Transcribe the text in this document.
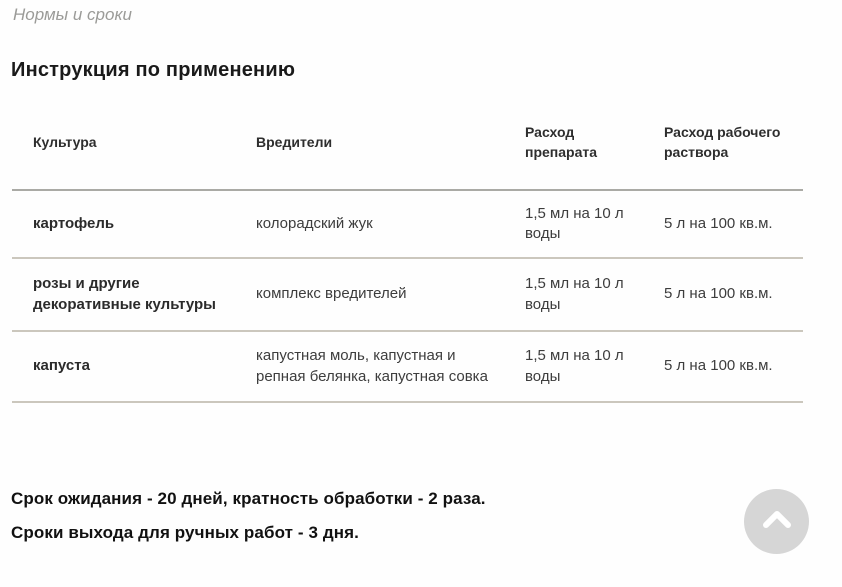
Нормы и сроки
Инструкция по применению
Культура	Вредители	Расход препарата	Расход рабочего раствора
картофель	колорадский жук	1,5 мл на 10 л воды	5 л на 100 кв.м.
розы и другие декоративные культуры	комплекс вредителей	1,5 мл на 10 л воды	5 л на 100 кв.м.
капуста	капустная моль, капустная и репная белянка, капустная совка	1,5 мл на 10 л воды	5 л на 100 кв.м.

Срок ожидания - 20 дней, кратность обработки - 2 раза.

Сроки выхода для ручных работ - 3 дня.
